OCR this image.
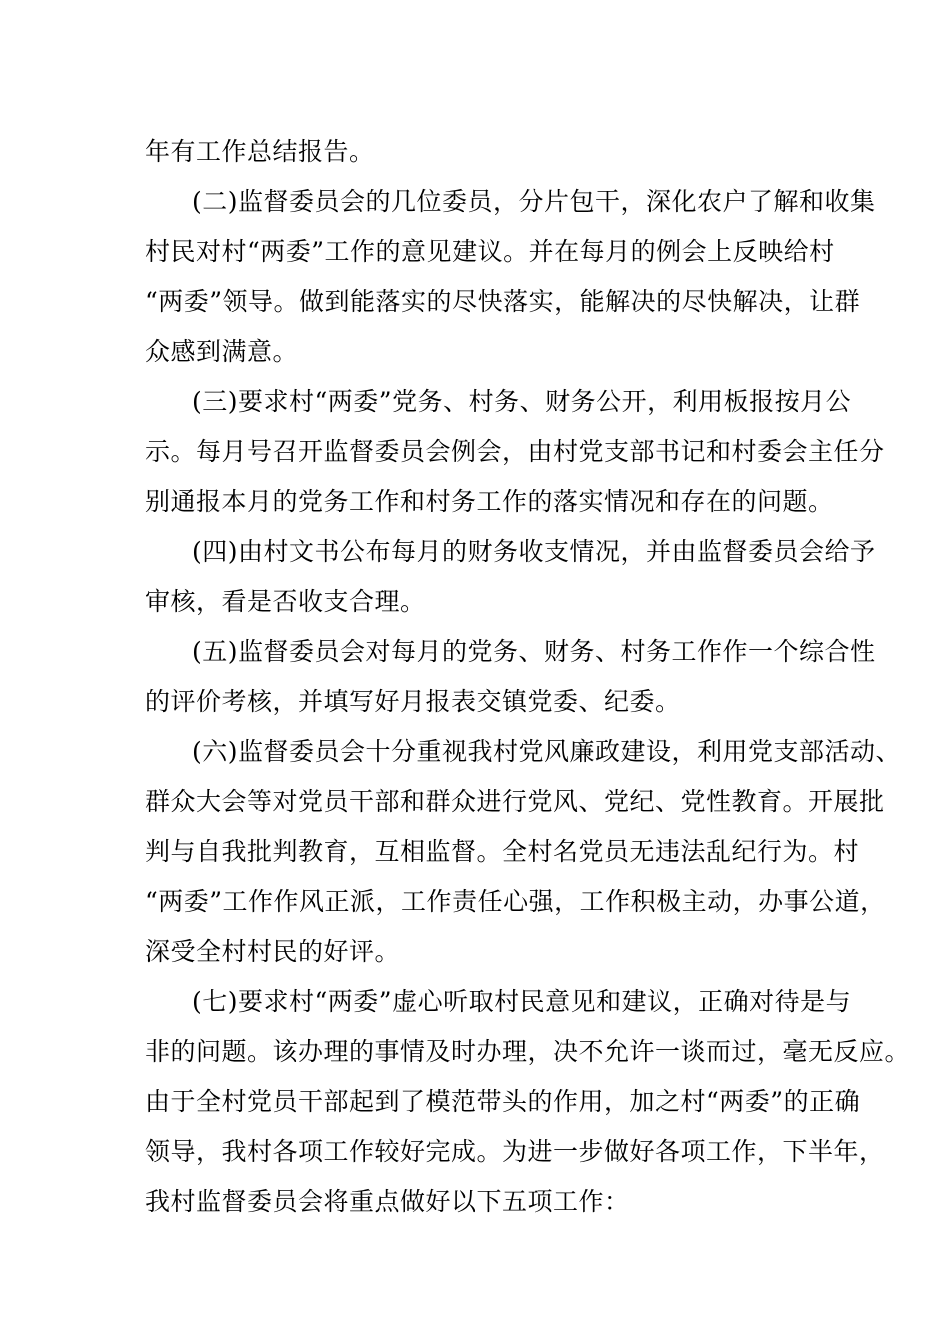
年有工作总结报告。
(二)监督委员会的几位委员，分片包干，深化农户了解和收集
村民对村“两委”工作的意见建议。并在每月的例会上反映给村
“两委”领导。做到能落实的尽快落实，能解决的尽快解决，让群
众感到满意。
(三)要求村“两委”党务、村务、财务公开，利用板报按月公
示。每月号召开监督委员会例会，由村党支部书记和村委会主任分
别通报本月的党务工作和村务工作的落实情况和存在的问题。
(四)由村文书公布每月的财务收支情况，并由监督委员会给予
审核，看是否收支合理。
(五)监督委员会对每月的党务、财务、村务工作作一个综合性
的评价考核，并填写好月报表交镇党委、纪委。
(六)监督委员会十分重视我村党风廉政建设，利用党支部活动、
群众大会等对党员干部和群众进行党风、党纪、党性教育。开展批
判与自我批判教育，互相监督。全村名党员无违法乱纪行为。村
“两委”工作作风正派，工作责任心强，工作积极主动，办事公道，
深受全村村民的好评。
(七)要求村“两委”虚心听取村民意见和建议，正确对待是与
非的问题。该办理的事情及时办理，决不允许一谈而过，毫无反应。
由于全村党员干部起到了模范带头的作用，加之村“两委”的正确
领导，我村各项工作较好完成。为进一步做好各项工作，下半年，
我村监督委员会将重点做好以下五项工作：
